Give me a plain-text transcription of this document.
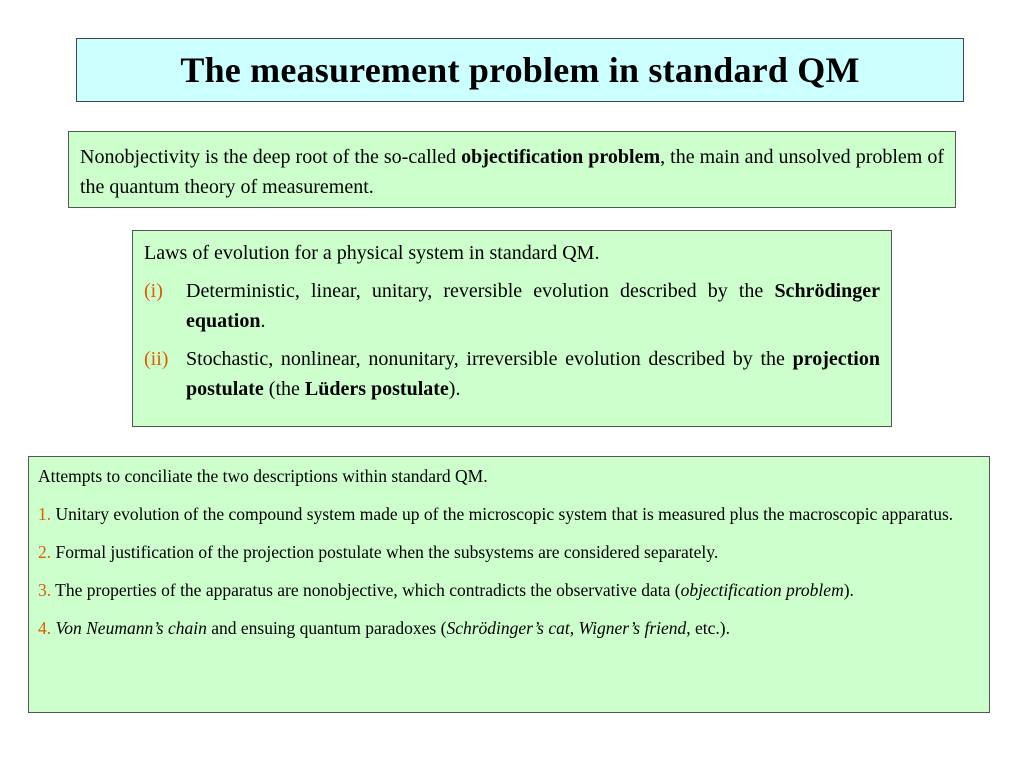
The measurement problem in standard QM
Nonobjectivity is the deep root of the so-called objectification problem, the main and unsolved problem of the quantum theory of measurement.

Laws of evolution for a physical system in standard QM.

(i)	Deterministic, linear, unitary, reversible evolution described by the Schrödinger equation.
(ii) Stochastic, nonlinear, nonunitary, irreversible evolution described by the projection postulate (the Lüders postulate).

Attempts to conciliate the two descriptions within standard QM.

1. Unitary evolution of the compound system made up of the microscopic system that is measured plus the macroscopic apparatus.

2. Formal justification of the projection postulate when the subsystems are considered separately.

3. The properties of the apparatus are nonobjective, which contradicts the observative data (objectification problem).

4. Von Neumann’s chain and ensuing quantum paradoxes (Schrödinger’s cat, Wigner’s friend, etc.).
